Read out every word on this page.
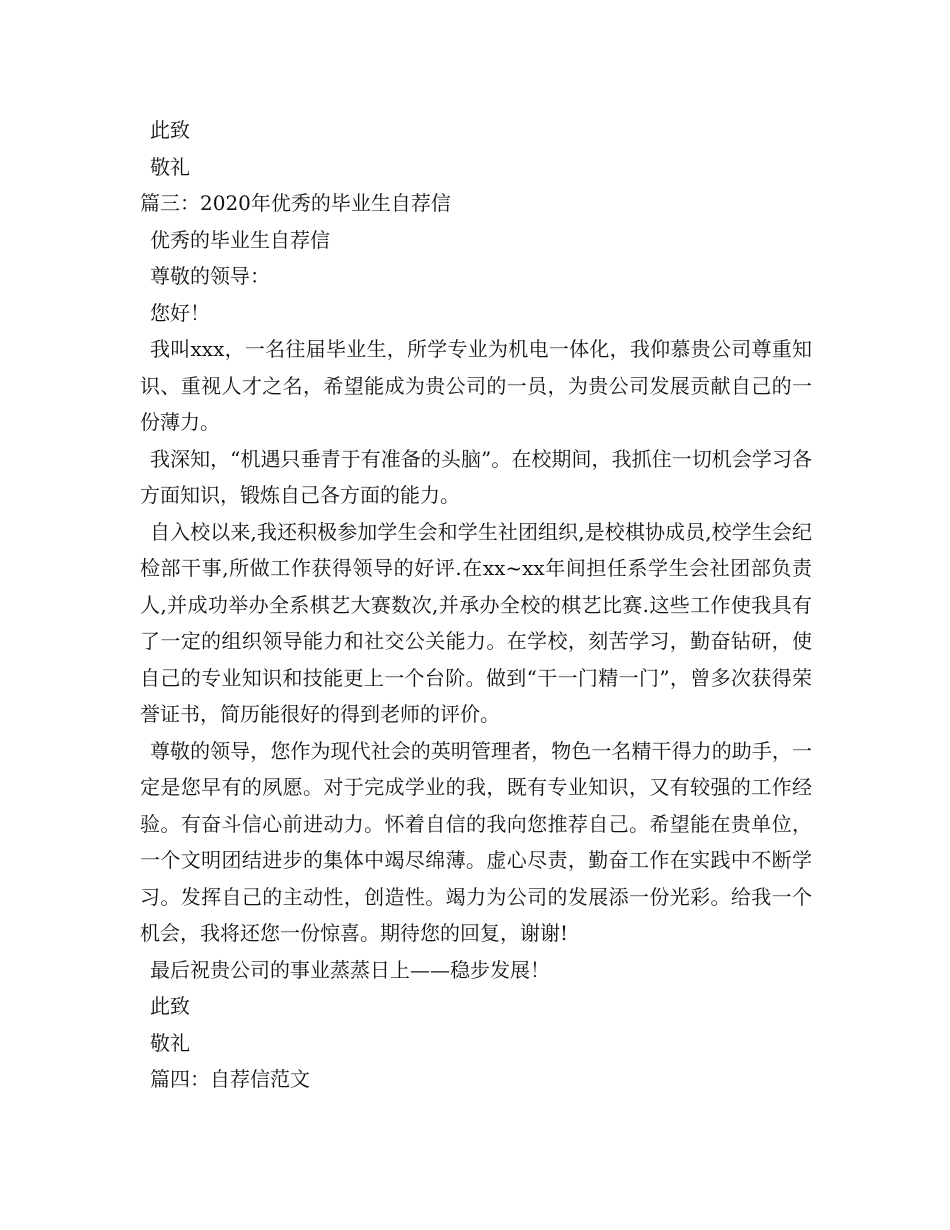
此致
敬礼
篇三：2020年优秀的毕业生自荐信
优秀的毕业生自荐信
尊敬的领导：
您好！

我叫xxx，一名往届毕业生，所学专业为机电一体化，我仰慕贵公司尊重知识、重视人才之名，希望能成为贵公司的一员，为贵公司发展贡献自己的一份薄力。

我深知，“机遇只垂青于有准备的头脑”。在校期间，我抓住一切机会学习各方面知识，锻炼自己各方面的能力。

自入校以来,我还积极参加学生会和学生社团组织,是校棋协成员,校学生会纪检部干事,所做工作获得领导的好评.在xx~xx年间担任系学生会社团部负责人,并成功举办全系棋艺大赛数次,并承办全校的棋艺比赛.这些工作使我具有了一定的组织领导能力和社交公关能力。在学校，刻苦学习，勤奋钻研，使自己的专业知识和技能更上一个台阶。做到“干一门精一门”，曾多次获得荣誉证书，简历能很好的得到老师的评价。

尊敬的领导，您作为现代社会的英明管理者，物色一名精干得力的助手，一定是您早有的夙愿。对于完成学业的我，既有专业知识，又有较强的工作经验。有奋斗信心前进动力。怀着自信的我向您推荐自己。希望能在贵单位，一个文明团结进步的集体中竭尽绵薄。虚心尽责，勤奋工作在实践中不断学习。发挥自己的主动性，创造性。竭力为公司的发展添一份光彩。给我一个机会，我将还您一份惊喜。期待您的回复，谢谢!

最后祝贵公司的事业蒸蒸日上——稳步发展！
此致
敬礼
篇四：自荐信范文
